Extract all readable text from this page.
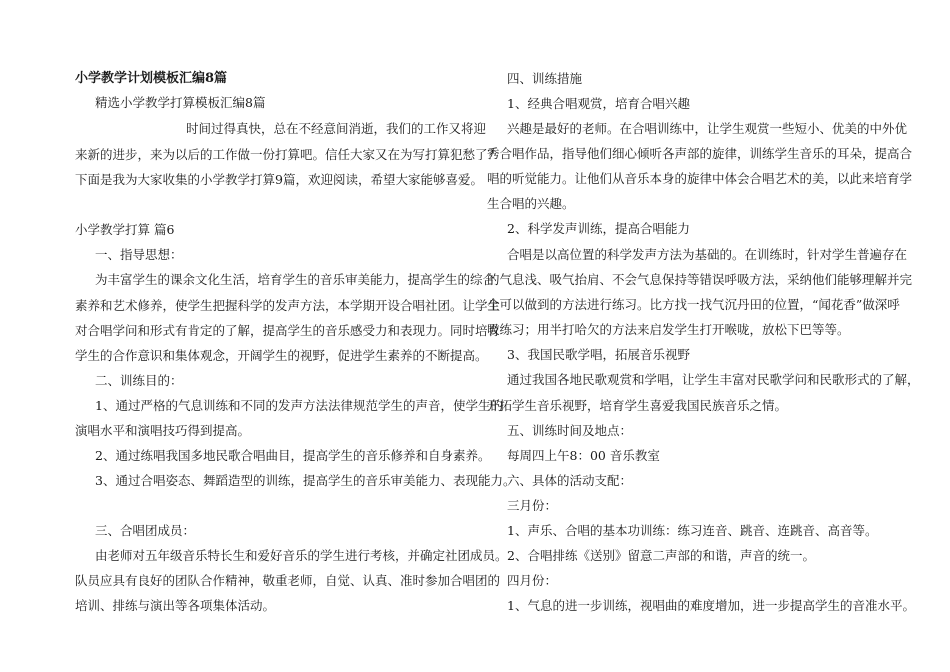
小学教学计划模板汇编8篇

精选小学教学打算模板汇编8篇

时间过得真快，总在不经意间消逝，我们的工作又将迎

来新的进步，来为以后的工作做一份打算吧。信任大家又在为写打算犯愁了？

下面是我为大家收集的小学教学打算9篇，欢迎阅读，希望大家能够喜爱。

小学教学打算 篇6

一、指导思想：

为丰富学生的课余文化生活，培育学生的音乐审美能力，提高学生的综合

素养和艺术修养，使学生把握科学的发声方法，本学期开设合唱社团。让学生

对合唱学问和形式有肯定的了解，提高学生的音乐感受力和表现力。同时培育

学生的合作意识和集体观念，开阔学生的视野，促进学生素养的不断提高。

二、训练目的：

1、通过严格的气息训练和不同的发声方法法律规范学生的声音，使学生的

演唱水平和演唱技巧得到提高。

2、通过练唱我国多地民歌合唱曲目，提高学生的音乐修养和自身素养。

3、通过合唱姿态、舞蹈造型的训练，提高学生的音乐审美能力、表现能力。

三、合唱团成员：

由老师对五年级音乐特长生和爱好音乐的学生进行考核，并确定社团成员。

队员应具有良好的团队合作精神，敬重老师，自觉、认真、准时参加合唱团的

培训、排练与演出等各项集体活动。

四、训练措施

1、经典合唱观赏，培育合唱兴趣

兴趣是最好的老师。在合唱训练中，让学生观赏一些短小、优美的中外优

秀合唱作品，指导他们细心倾听各声部的旋律，训练学生音乐的耳朵，提高合

唱的听觉能力。让他们从音乐本身的旋律中体会合唱艺术的美，以此来培育学

生合唱的兴趣。

2、科学发声训练，提高合唱能力

合唱是以高位置的科学发声方法为基础的。在训练时，针对学生普遍存在

的气息浅、吸气抬肩、不会气息保持等错误呼吸方法，采纳他们能够理解并完

全可以做到的方法进行练习。比方找一找气沉丹田的位置，“闻花香”做深呼

吸练习；用半打哈欠的方法来启发学生打开喉咙，放松下巴等等。

3、我国民歌学唱，拓展音乐视野

通过我国各地民歌观赏和学唱，让学生丰富对民歌学问和民歌形式的了解，

开拓学生音乐视野，培育学生喜爱我国民族音乐之情。

五、训练时间及地点：

每周四上午8：00 音乐教室

六、具体的活动支配：

三月份：

1、声乐、合唱的基本功训练：练习连音、跳音、连跳音、高音等。

2、合唱排练《送别》留意二声部的和谐，声音的统一。

四月份：

1、气息的进一步训练，视唱曲的难度增加，进一步提高学生的音准水平。
